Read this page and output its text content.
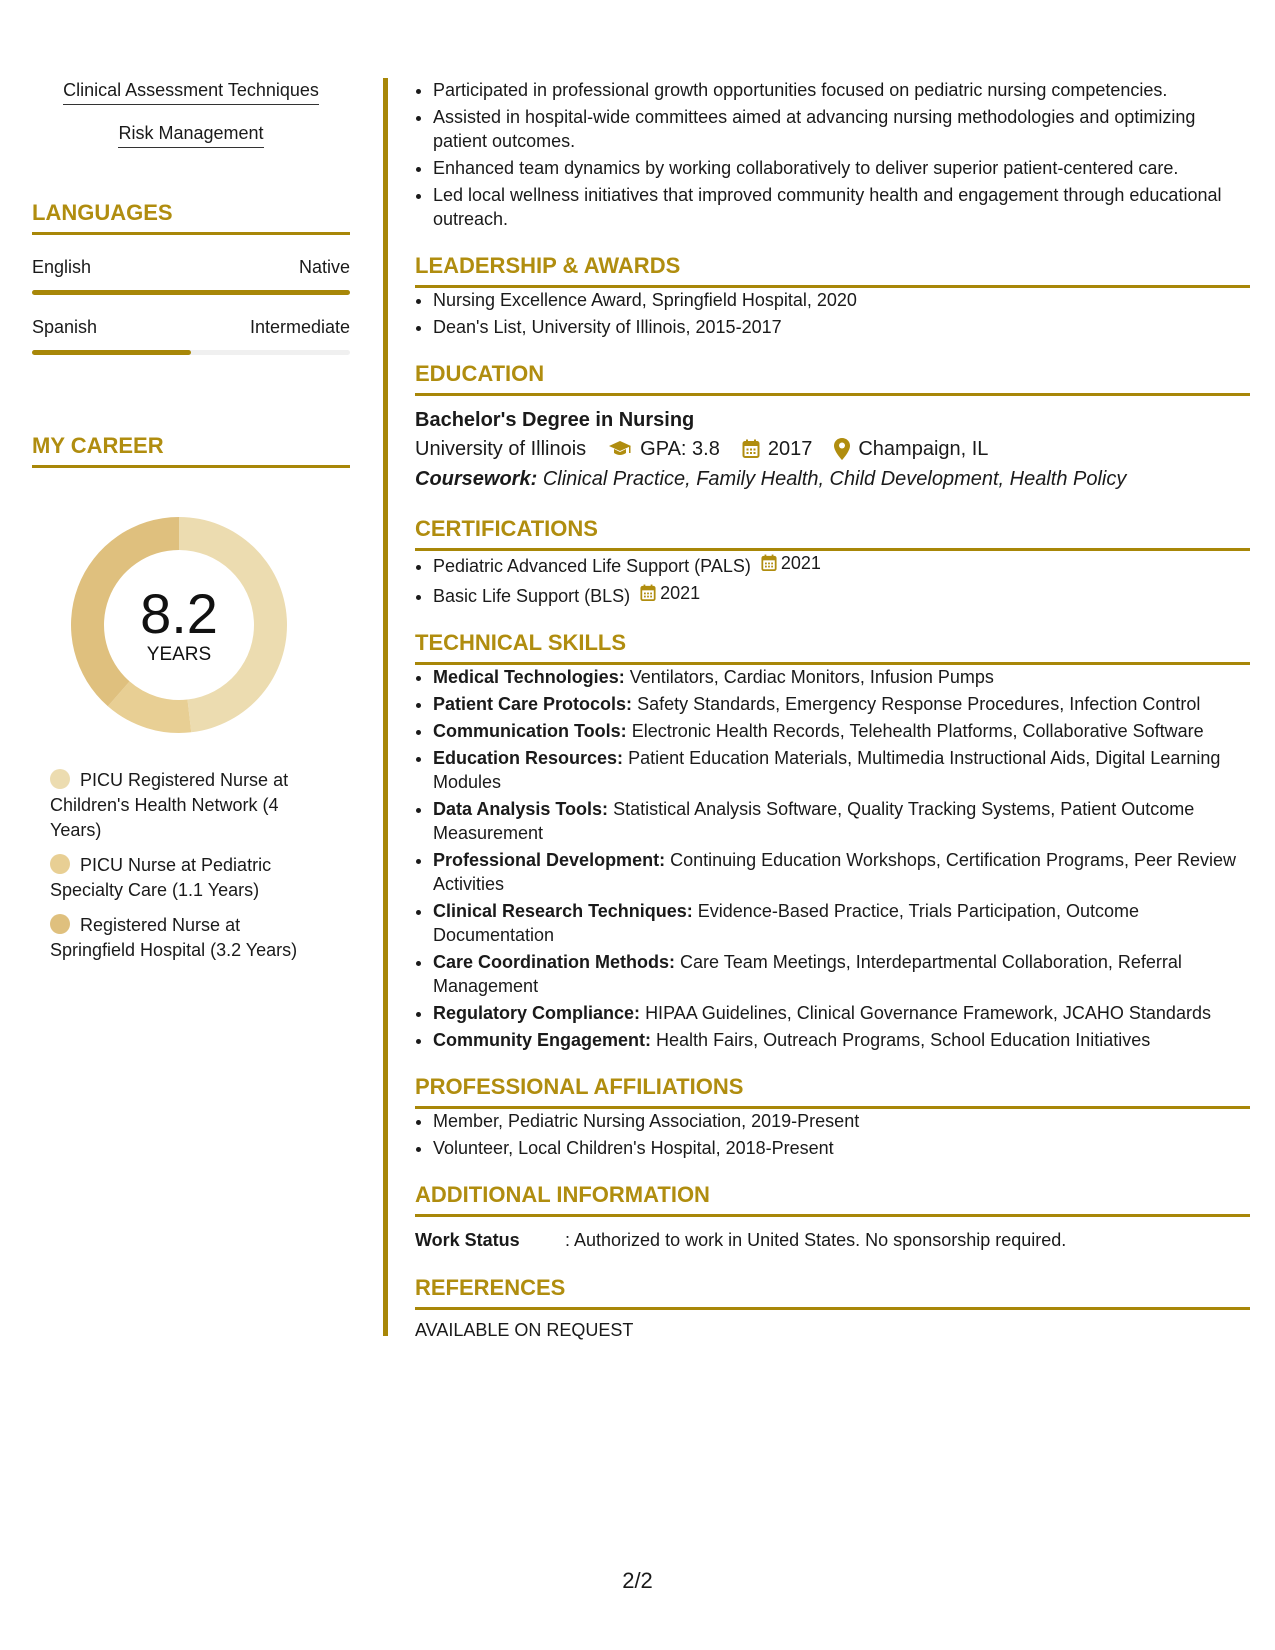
Clinical Assessment Techniques
Risk Management
LANGUAGES
English	Native
Spanish	Intermediate
MY CAREER
8.2
YEARS
PICU Registered Nurse at Children's Health Network (4 Years)
PICU Nurse at Pediatric Specialty Care (1.1 Years)
Registered Nurse at Springfield Hospital (3.2 Years)
• Participated in professional growth opportunities focused on pediatric nursing competencies.
• Assisted in hospital-wide committees aimed at advancing nursing methodologies and optimizing patient outcomes.
• Enhanced team dynamics by working collaboratively to deliver superior patient-centered care.
• Led local wellness initiatives that improved community health and engagement through educational outreach.
LEADERSHIP & AWARDS
• Nursing Excellence Award, Springfield Hospital, 2020
• Dean's List, University of Illinois, 2015-2017
EDUCATION
Bachelor's Degree in Nursing
University of Illinois	GPA: 3.8 2017 Champaign, IL
Coursework: Clinical Practice, Family Health, Child Development, Health Policy
CERTIFICATIONS
• Pediatric Advanced Life Support (PALS) 2021
• Basic Life Support (BLS) 2021
TECHNICAL SKILLS
• Medical Technologies: Ventilators, Cardiac Monitors, Infusion Pumps
• Patient Care Protocols: Safety Standards, Emergency Response Procedures, Infection Control
• Communication Tools: Electronic Health Records, Telehealth Platforms, Collaborative Software
• Education Resources: Patient Education Materials, Multimedia Instructional Aids, Digital Learning Modules
• Data Analysis Tools: Statistical Analysis Software, Quality Tracking Systems, Patient Outcome Measurement
• Professional Development: Continuing Education Workshops, Certification Programs, Peer Review Activities
• Clinical Research Techniques: Evidence-Based Practice, Trials Participation, Outcome Documentation
• Care Coordination Methods: Care Team Meetings, Interdepartmental Collaboration, Referral Management
• Regulatory Compliance: HIPAA Guidelines, Clinical Governance Framework, JCAHO Standards
• Community Engagement: Health Fairs, Outreach Programs, School Education Initiatives
PROFESSIONAL AFFILIATIONS
• Member, Pediatric Nursing Association, 2019-Present
• Volunteer, Local Children's Hospital, 2018-Present
ADDITIONAL INFORMATION
Work Status	: Authorized to work in United States. No sponsorship required.
REFERENCES
AVAILABLE ON REQUEST
2/2
